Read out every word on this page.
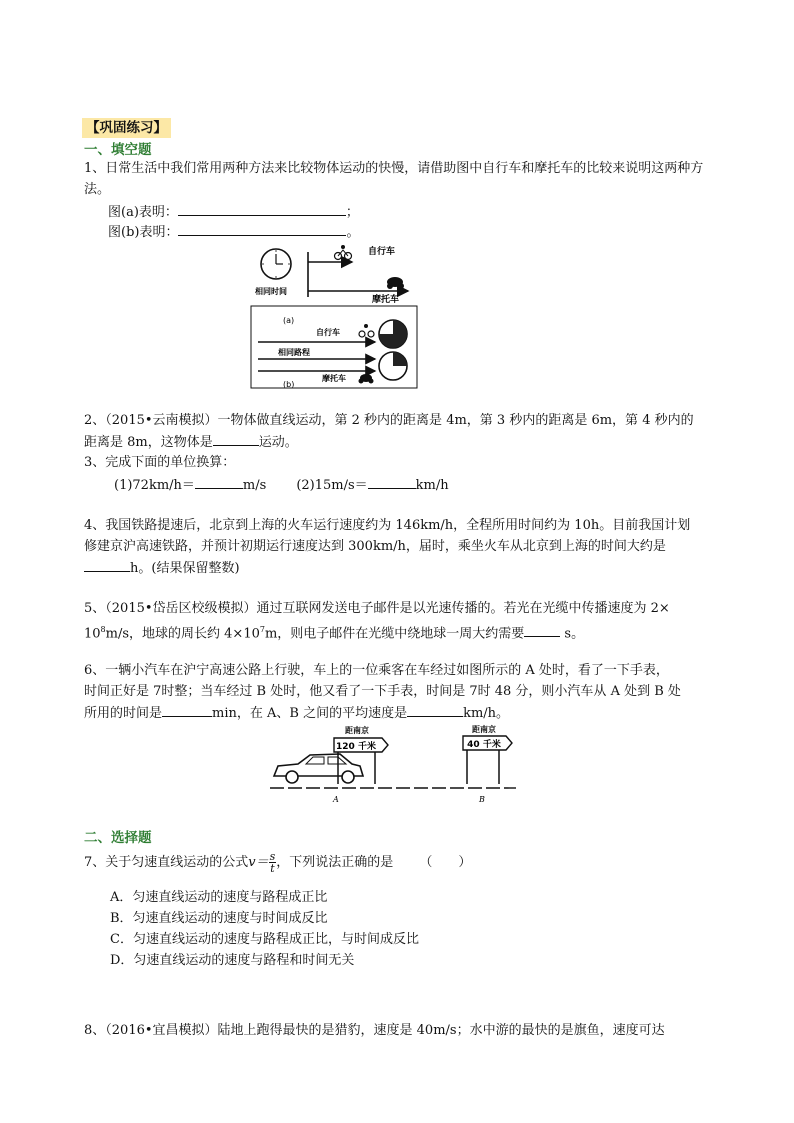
【巩固练习】
一、填空题
1、日常生活中我们常用两种方法来比较物体运动的快慢，请借助图中自行车和摩托车的比较来说明这两种方法。
图(a)表明：	；
图(b)表明：	。
自行车
相同时间
摩托车
(a)
自行车
相同路程
摩托车
(b)
2、（2015•云南模拟）一物体做直线运动，第 2 秒内的距离是 4m，第 3 秒内的距离是 6m，第 4 秒内的
距离是 8m，这物体是	运动。
3、完成下面的单位换算：
(1)72km/h＝	m/s (2)15m/s＝	km/h
4、我国铁路提速后，北京到上海的火车运行速度约为 146km/h，全程所用时间约为 10h。目前我国计划
修建京沪高速铁路，并预计初期运行速度达到 300km/h，届时，乘坐火车从北京到上海的时间大约是
h。(结果保留整数)
5、（2015•岱岳区校级模拟）通过互联网发送电子邮件是以光速传播的。若光在光缆中传播速度为 2×
$10^8m/s$，地球的周长约 $4\times 10^7m$，则电子邮件在光缆中绕地球一周大约需要	s。
6、一辆小汽车在沪宁高速公路上行驶，车上的一位乘客在车经过如图所示的 A 处时，看了一下手表，
时间正好是 7时整；当车经过 B 处时，他又看了一下手表，时间是 7时 48 分，则小汽车从 A 处到 B 处
所用的时间是	min，在 A、B 之间的平均速度是	km/h。
距南京
120 千米
距南京
40 千米
A	B
二、选择题
7、关于匀速直线运动的公式$v= \frac{s}{t}$ ，下列说法正确的是 （　　）
A．匀速直线运动的速度与路程成正比
B．匀速直线运动的速度与时间成反比
C．匀速直线运动的速度与路程成正比，与时间成反比
D．匀速直线运动的速度与路程和时间无关
8、（2016•宜昌模拟）陆地上跑得最快的是猎豹，速度是 40m/s；水中游的最快的是旗鱼，速度可达
